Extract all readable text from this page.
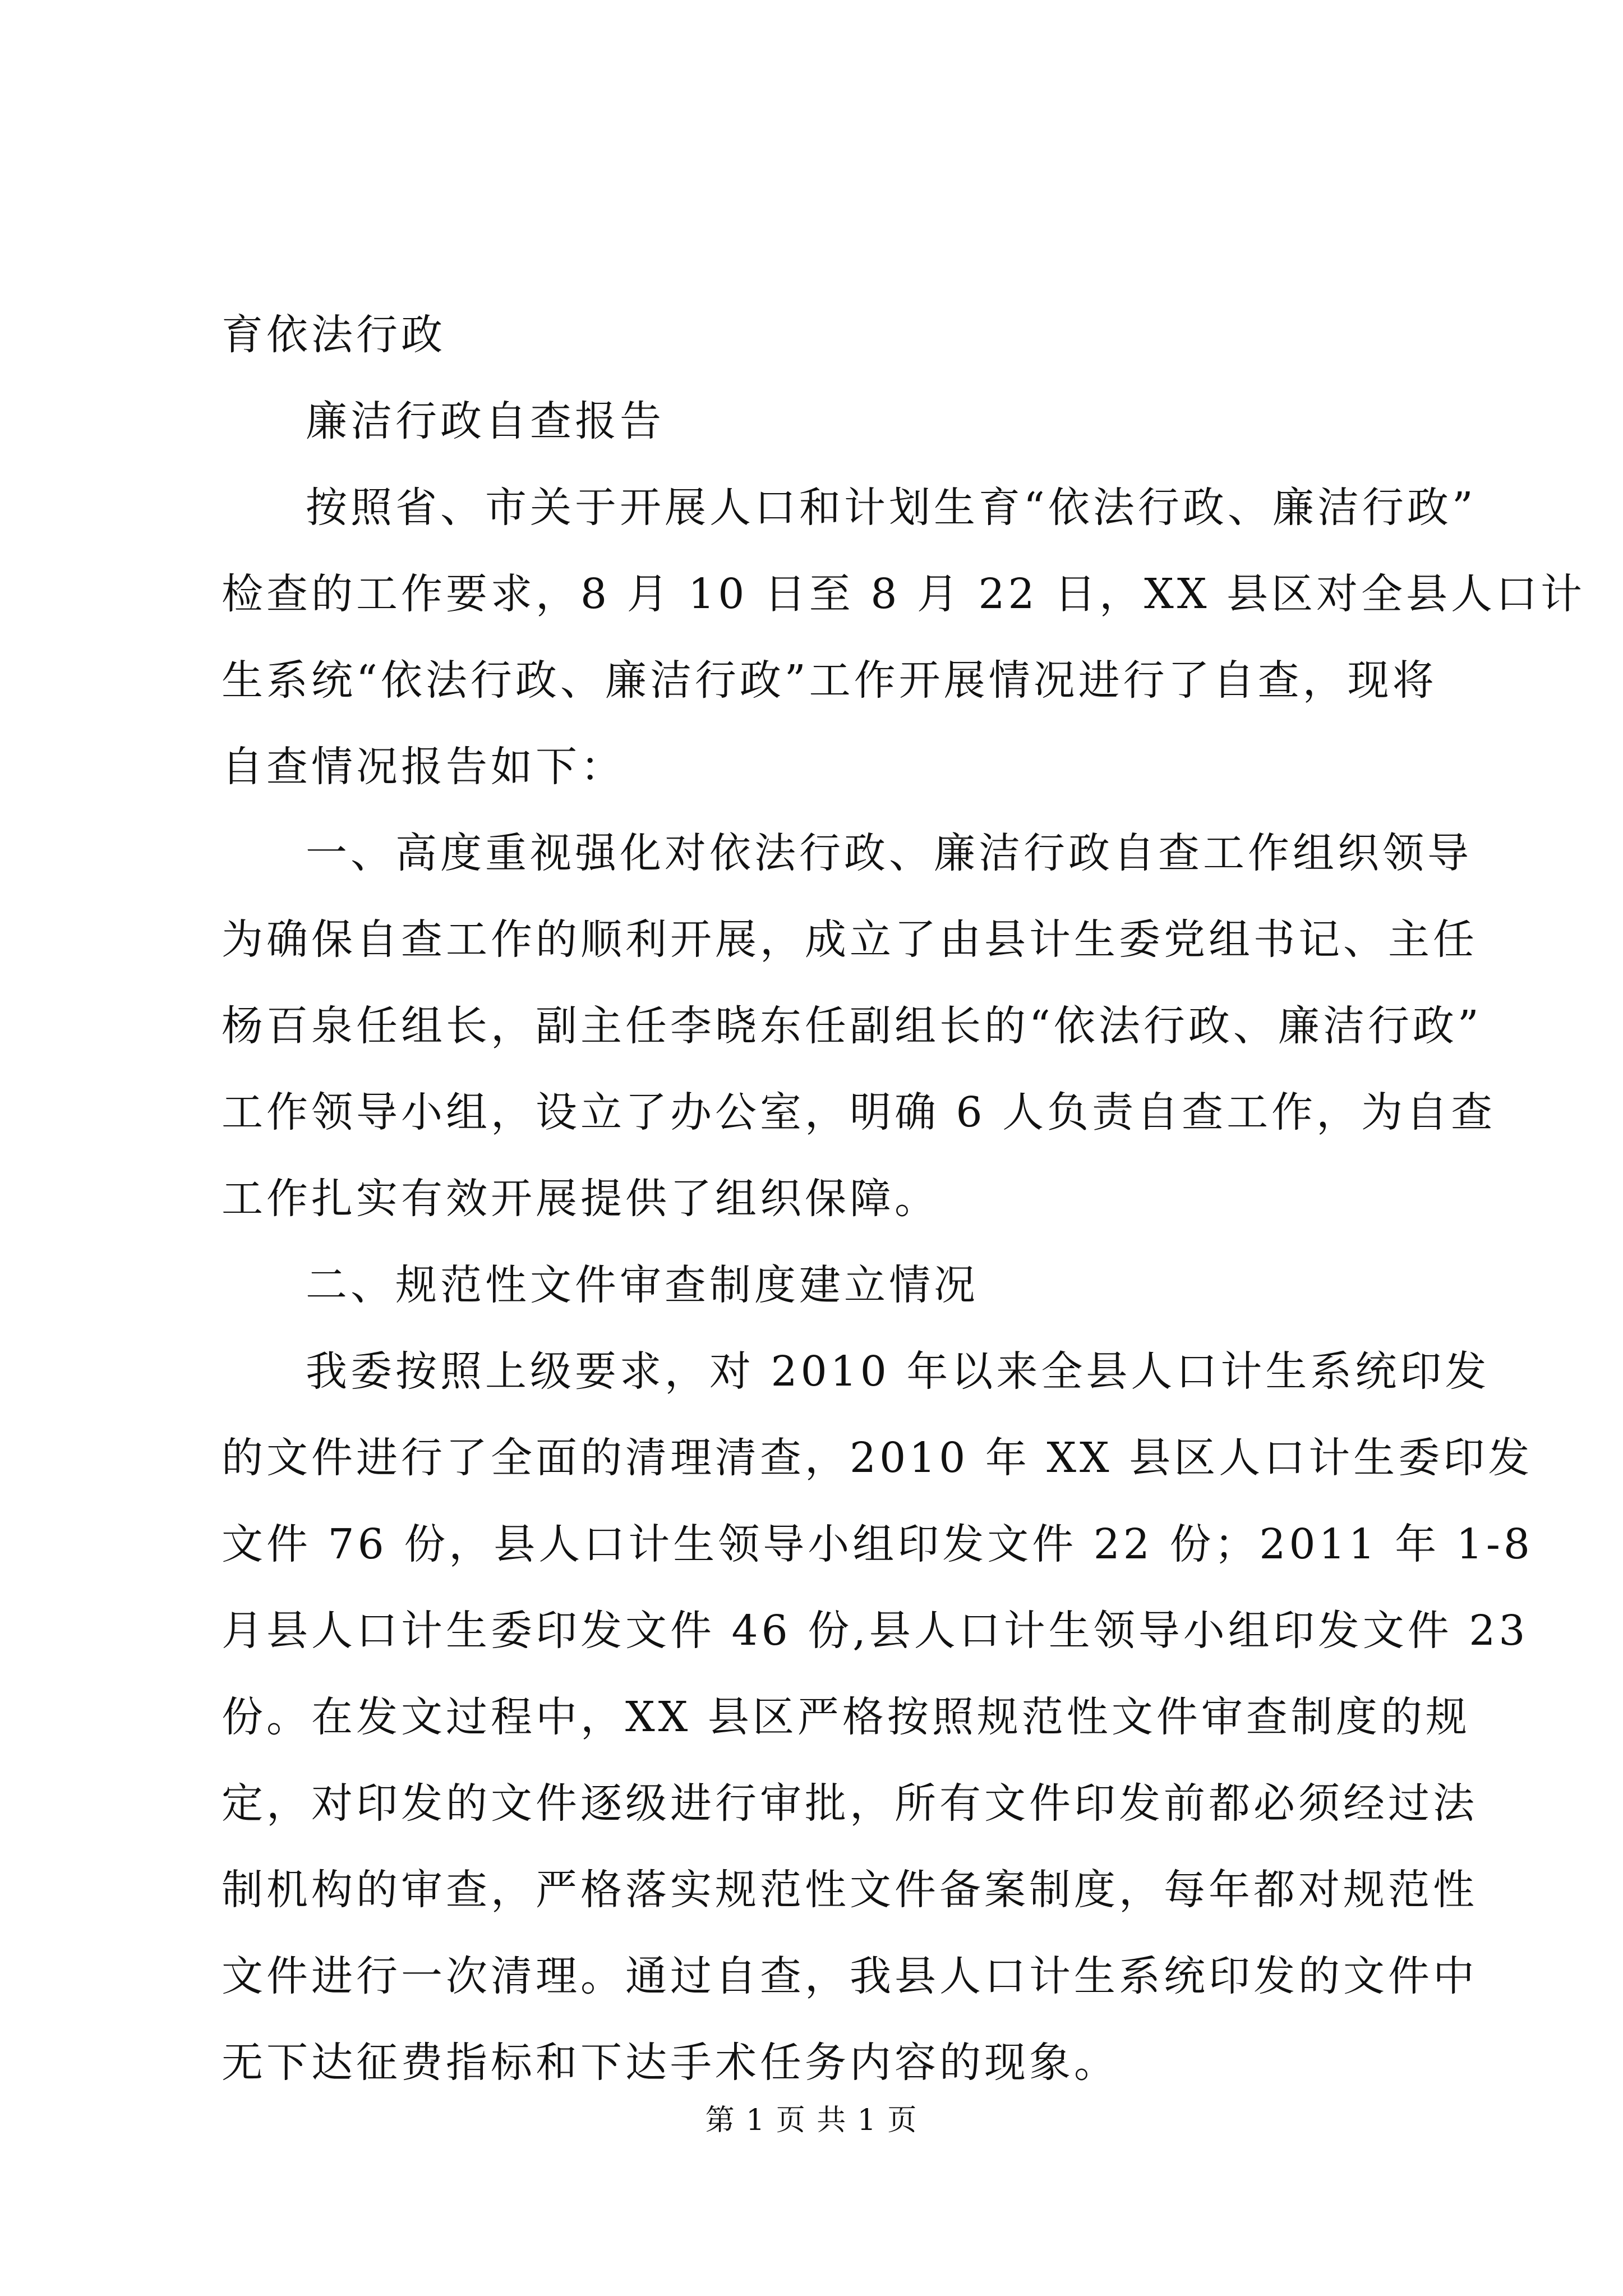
育依法行政
廉洁行政自查报告
按照省、市关于开展人口和计划生育“依法行政、廉洁行政”
检查的工作要求，8 月 10 日至 8 月 22 日，XX 县区对全县人口计
生系统“依法行政、廉洁行政”工作开展情况进行了自查，现将
自查情况报告如下：
一、高度重视强化对依法行政、廉洁行政自查工作组织领导
为确保自查工作的顺利开展，成立了由县计生委党组书记、主任
杨百泉任组长，副主任李晓东任副组长的“依法行政、廉洁行政”
工作领导小组，设立了办公室，明确 6 人负责自查工作，为自查
工作扎实有效开展提供了组织保障。
二、规范性文件审查制度建立情况
我委按照上级要求，对 2010 年以来全县人口计生系统印发
的文件进行了全面的清理清查，2010 年 XX 县区人口计生委印发
文件 76 份，县人口计生领导小组印发文件 22 份；2011 年 1-8
月县人口计生委印发文件 46 份,县人口计生领导小组印发文件 23
份。在发文过程中，XX 县区严格按照规范性文件审查制度的规
定，对印发的文件逐级进行审批，所有文件印发前都必须经过法
制机构的审查，严格落实规范性文件备案制度，每年都对规范性
文件进行一次清理。通过自查，我县人口计生系统印发的文件中
无下达征费指标和下达手术任务内容的现象。
第 1 页 共 1 页
